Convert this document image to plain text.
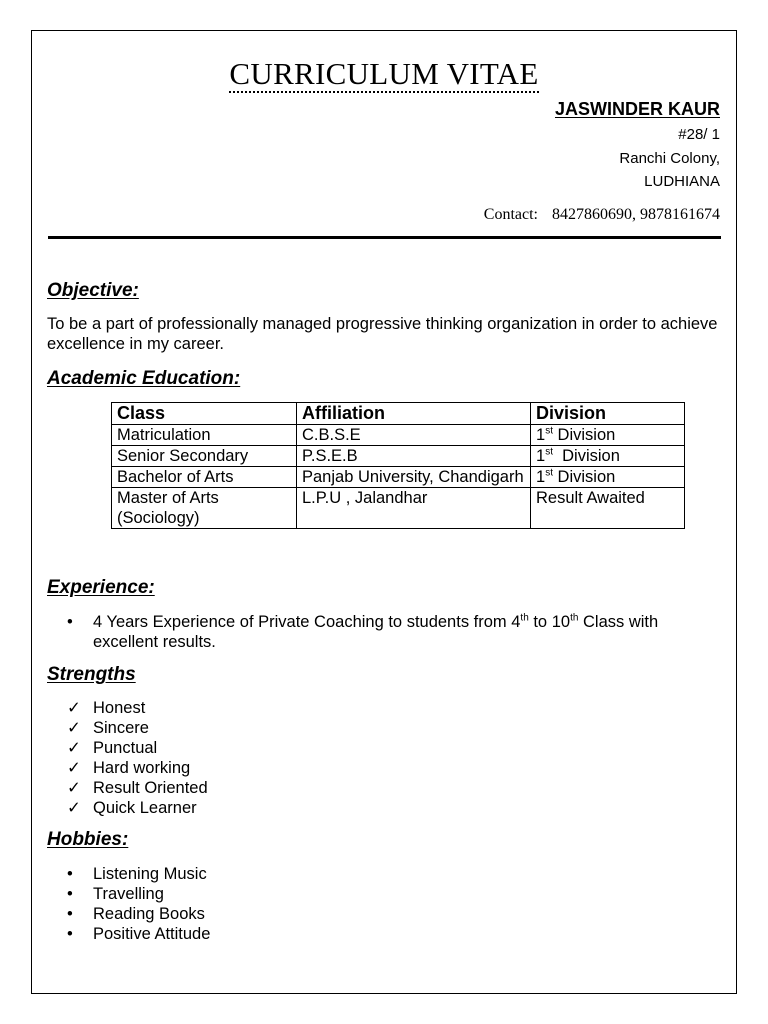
CURRICULUM VITAE
JASWINDER KAUR
#28/ 1
Ranchi Colony,
LUDHIANA
Contact: 8427860690, 9878161674
Objective:
To be a part of professionally managed progressive thinking organization in order to achieve excellence in my career.
Academic Education:
Class	Affiliation	Division
Matriculation	C.B.S.E	1st Division
Senior Secondary	P.S.E.B	1st  Division
Bachelor of Arts	Panjab University, Chandigarh	1st Division
Master of Arts (Sociology)	L.P.U , Jalandhar	Result Awaited
Experience:
•	4 Years Experience of Private Coaching to students from 4th to 10th Class with excellent results.
Strengths
✓ Honest
✓ Sincere
✓ Punctual
✓ Hard working
✓ Result Oriented
✓ Quick Learner
Hobbies:
• Listening Music
• Travelling
• Reading Books
• Positive Attitude
